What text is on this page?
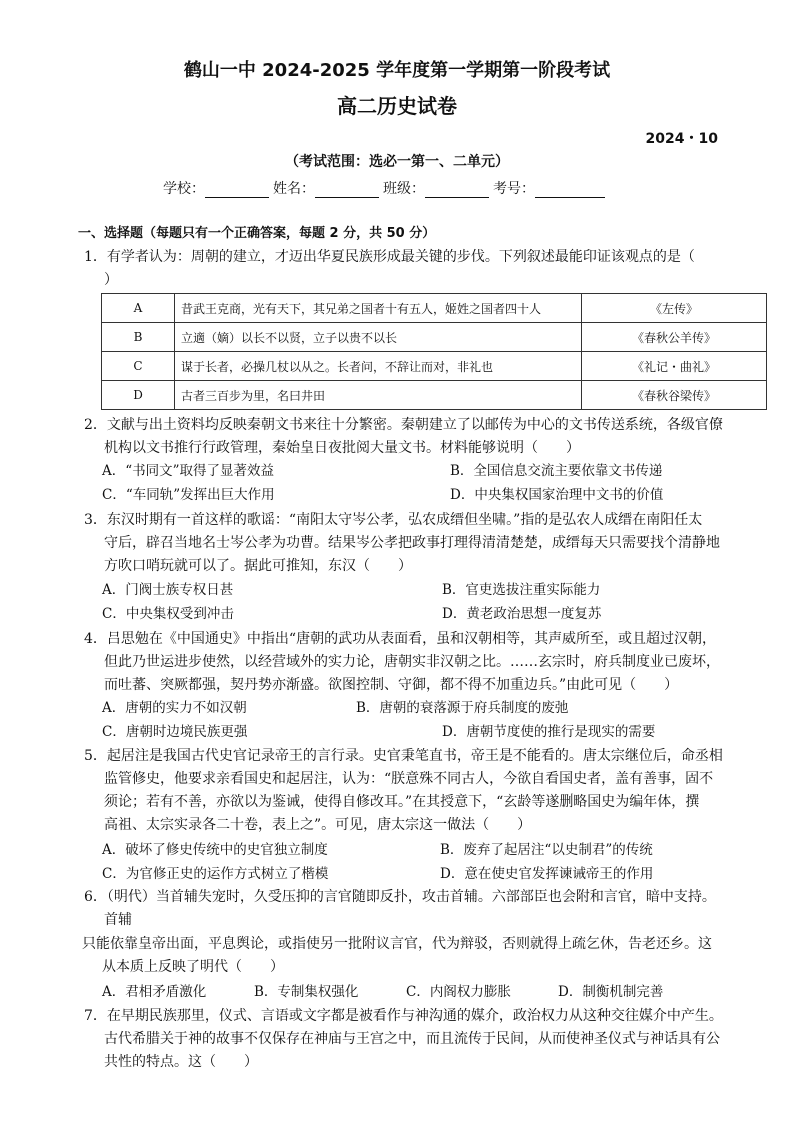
鹤山一中 2024-2025 学年度第一学期第一阶段考试
高二历史试卷
2024・10
（考试范围：选必一第一、二单元）
学校：	姓名：	班级：	考号：
一、选择题（每题只有一个正确答案，每题 2 分，共 50 分）
1．有学者认为：周朝的建立，才迈出华夏民族形成最关键的步伐。下列叙述最能印证该观点的是（
）
A	昔武王克商，光有天下，其兄弟之国者十有五人，姬姓之国者四十人	《左传》
B	立適（嫡）以长不以贤，立子以贵不以长	《春秋公羊传》
C	谋于长者，必操几杖以从之。长者问，不辞让而对，非礼也	《礼记・曲礼》
D	古者三百步为里，名曰井田	《春秋谷梁传》
2．文献与出土资料均反映秦朝文书来往十分繁密。秦朝建立了以邮传为中心的文书传送系统，各级官僚
机构以文书推行行政管理，秦始皇日夜批阅大量文书。材料能够说明（　　）
A．“书同文”取得了显著效益	B．全国信息交流主要依靠文书传递
C．“车同轨”发挥出巨大作用	D．中央集权国家治理中文书的价值
3．东汉时期有一首这样的歌谣：“南阳太守岑公孝，弘农成缙但坐啸。”指的是弘农人成缙在南阳任太
守后，辟召当地名士岑公孝为功曹。结果岑公孝把政事打理得清清楚楚，成缙每天只需要找个清静地
方吹口哨玩就可以了。据此可推知，东汉（　　）
A．门阀士族专权日甚	B．官吏选拔注重实际能力
C．中央集权受到冲击	D．黄老政治思想一度复苏
4．吕思勉在《中国通史》中指出“唐朝的武功从表面看，虽和汉朝相等，其声威所至，或且超过汉朝，
但此乃世运进步使然，以经营域外的实力论，唐朝实非汉朝之比。……玄宗时，府兵制度业已废坏，
而吐蕃、突厥都强，契丹势亦渐盛。欲图控制、守御，都不得不加重边兵。”由此可见（　　）
A．唐朝的实力不如汉朝	B．唐朝的衰落源于府兵制度的废弛
C．唐朝时边境民族更强	D．唐朝节度使的推行是现实的需要
5．起居注是我国古代史官记录帝王的言行录。史官秉笔直书，帝王是不能看的。唐太宗继位后，命丞相
监管修史，他要求亲看国史和起居注，认为：“朕意殊不同古人，今欲自看国史者，盖有善事，固不
须论；若有不善，亦欲以为鉴诫，使得自修改耳。”在其授意下，“玄龄等遂删略国史为编年体，撰
高祖、太宗实录各二十卷，表上之”。可见，唐太宗这一做法（　　）
A．破坏了修史传统中的史官独立制度	B．废弃了起居注“以史制君”的传统
C．为官修正史的运作方式树立了楷模	D．意在使史官发挥谏诫帝王的作用
6．（明代）当首辅失宠时，久受压抑的言官随即反扑，攻击首辅。六部部臣也会附和言官，暗中支持。
首辅
只能依靠皇帝出面，平息舆论，或指使另一批附议言官，代为辩驳，否则就得上疏乞休，告老还乡。这
从本质上反映了明代（　　）
A．君相矛盾激化	B．专制集权强化	C．内阁权力膨胀	D．制衡机制完善
7．在早期民族那里，仪式、言语或文字都是被看作与神沟通的媒介，政治权力从这种交往媒介中产生。
古代希腊关于神的故事不仅保存在神庙与王宫之中，而且流传于民间，从而使神圣仪式与神话具有公
共性的特点。这（　　）
